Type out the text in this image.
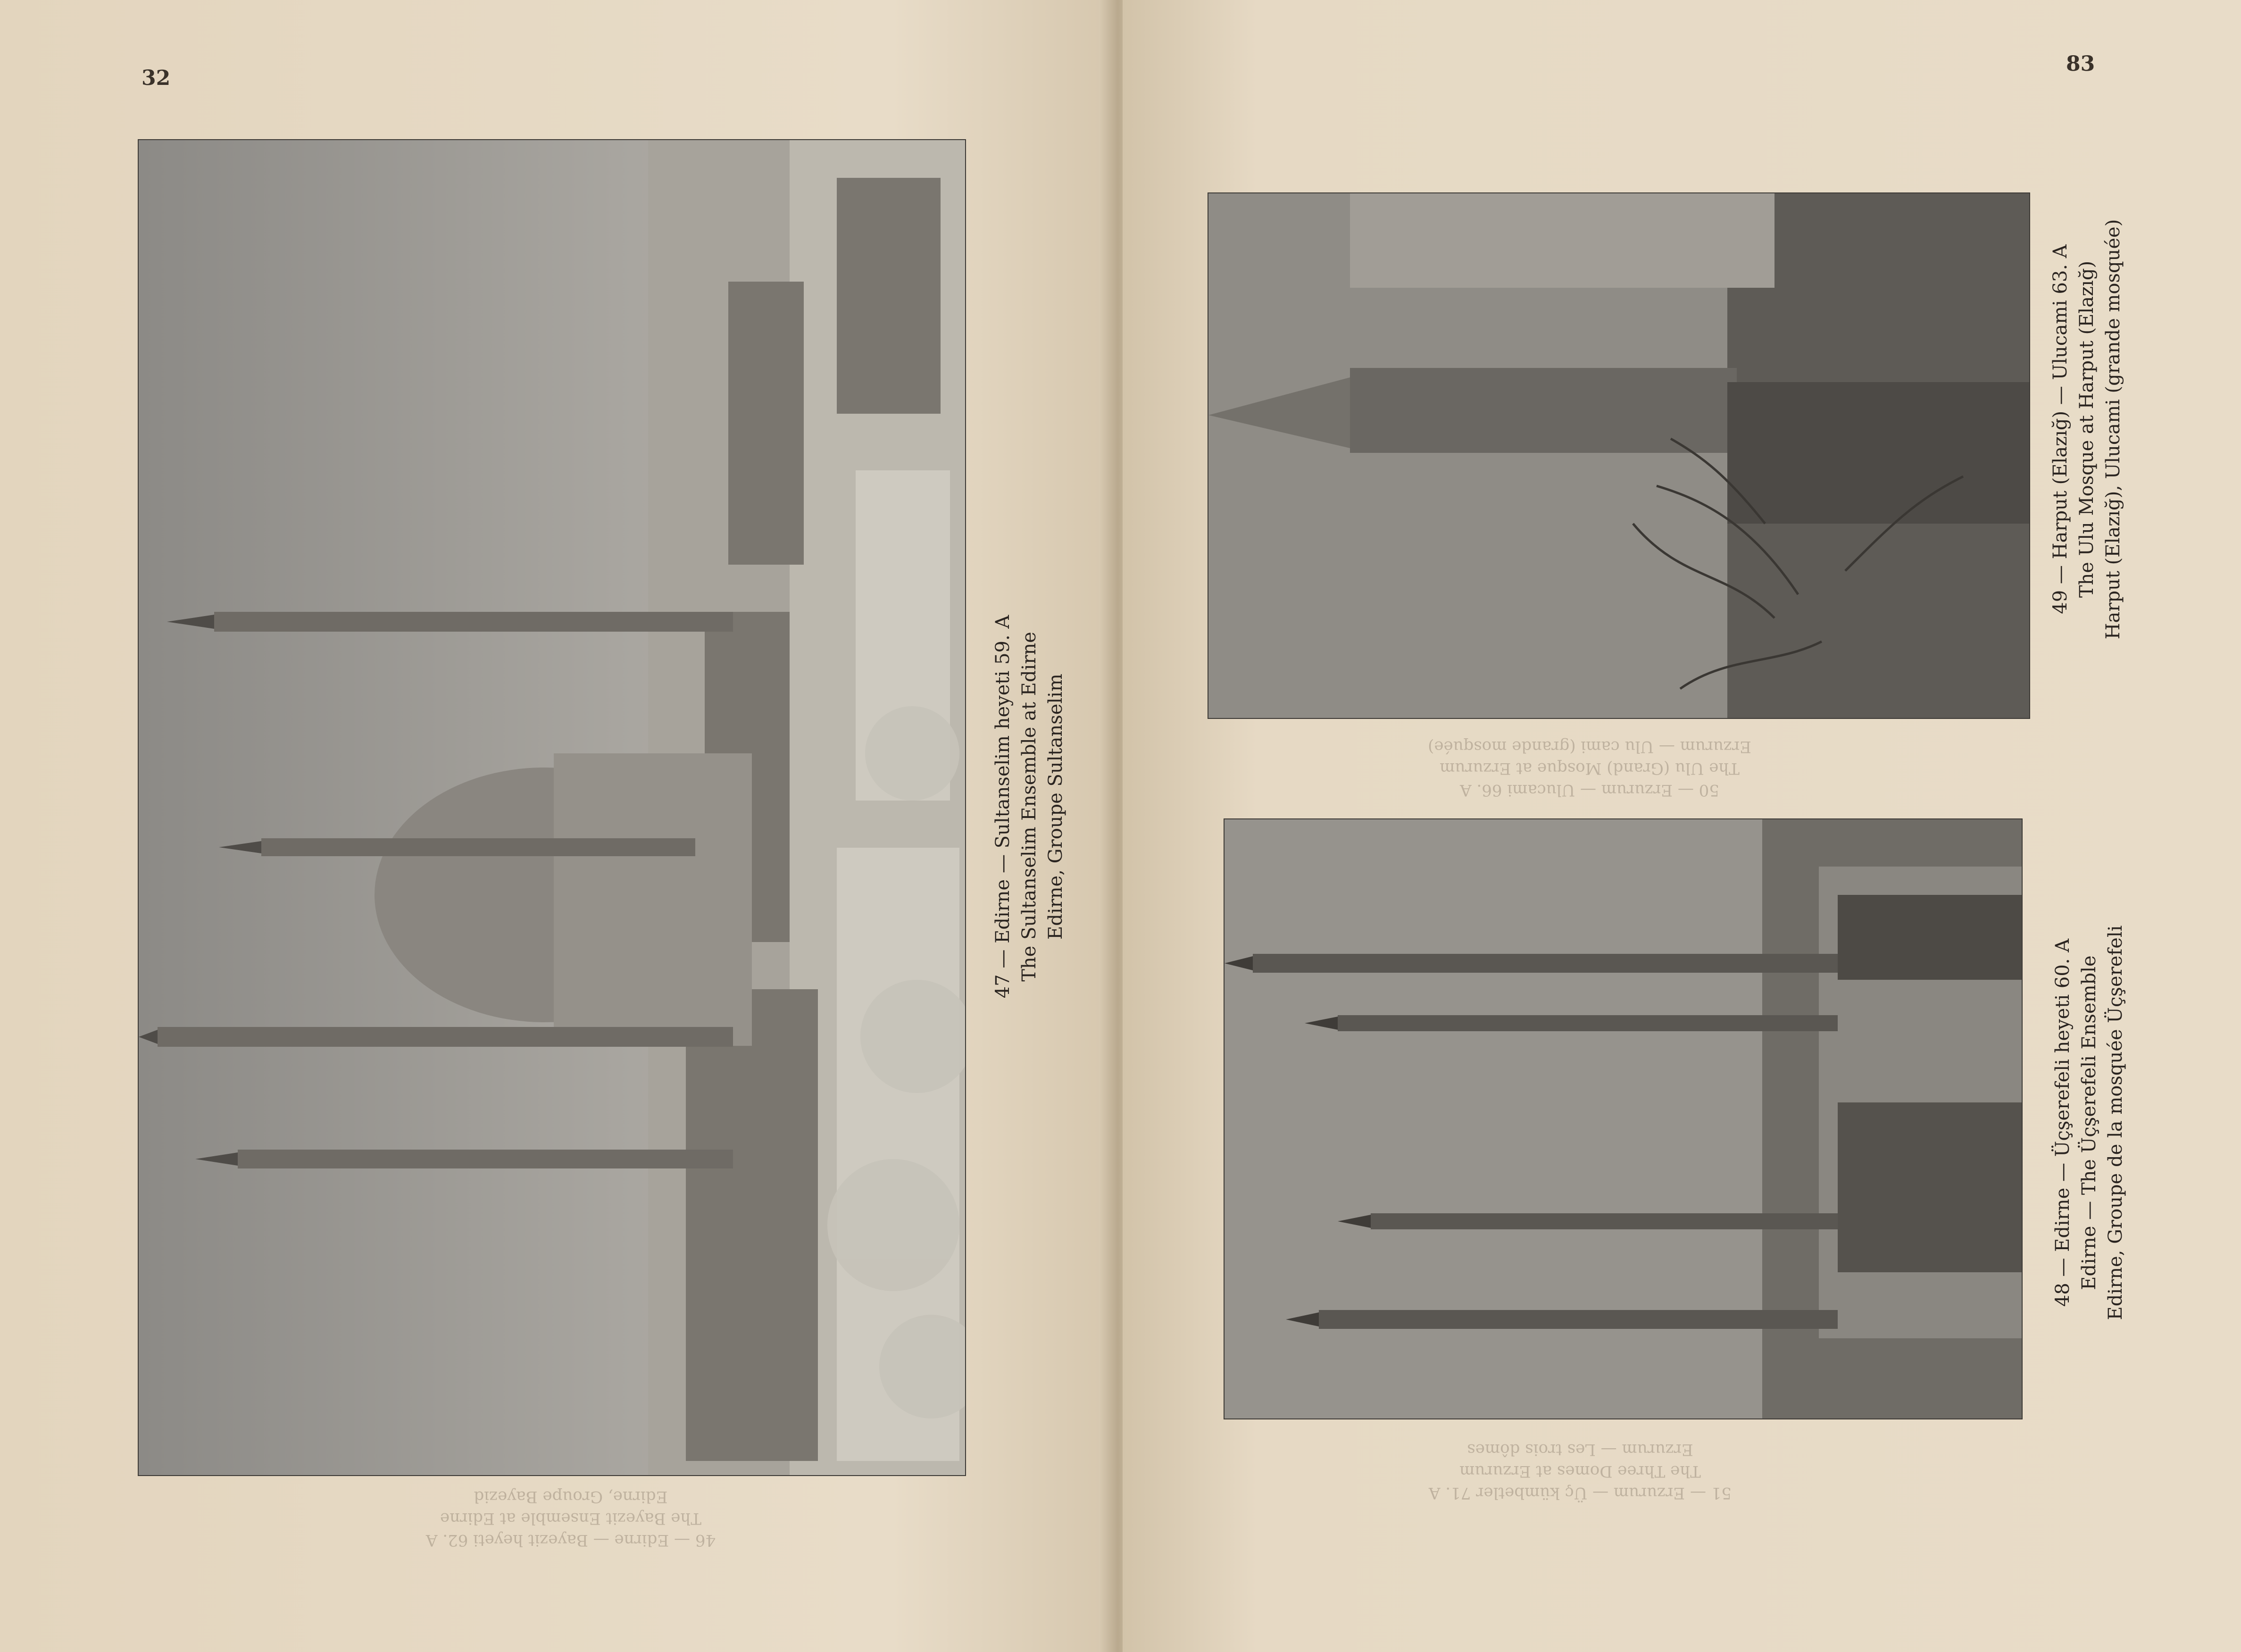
32
47 — Edirne — Sultanselim heyeti 59. A The Sultanselim Ensemble at Edirne Edirne, Groupe Sultanselim
46 — Edirne — Bayezit heyeti 62. A
The Bayezit Ensemble at Edirne
Edirne, Groupe Bayezid
83
49 — Harput (Elazığ) — Ulucami 63. A The Ulu Mosque at Harput (Elazığ) Harput (Elazığ), Ulucami (grande mosquée)
48 — Edirne — Üçşerefeli heyeti 60. A Edirne — The Üçşerefeli Ensemble Edirne, Groupe de la mosquée Üçşerefeli
50 — Erzurum — Ulucami 66. A
The Ulu (Grand) Mosque at Erzurum
Erzurum — Ulu cami (grande mosquée)
51 — Erzurum — Üç kümbetler 71. A
The Three Domes at Erzurum
Erzurum — Les trois dômes
